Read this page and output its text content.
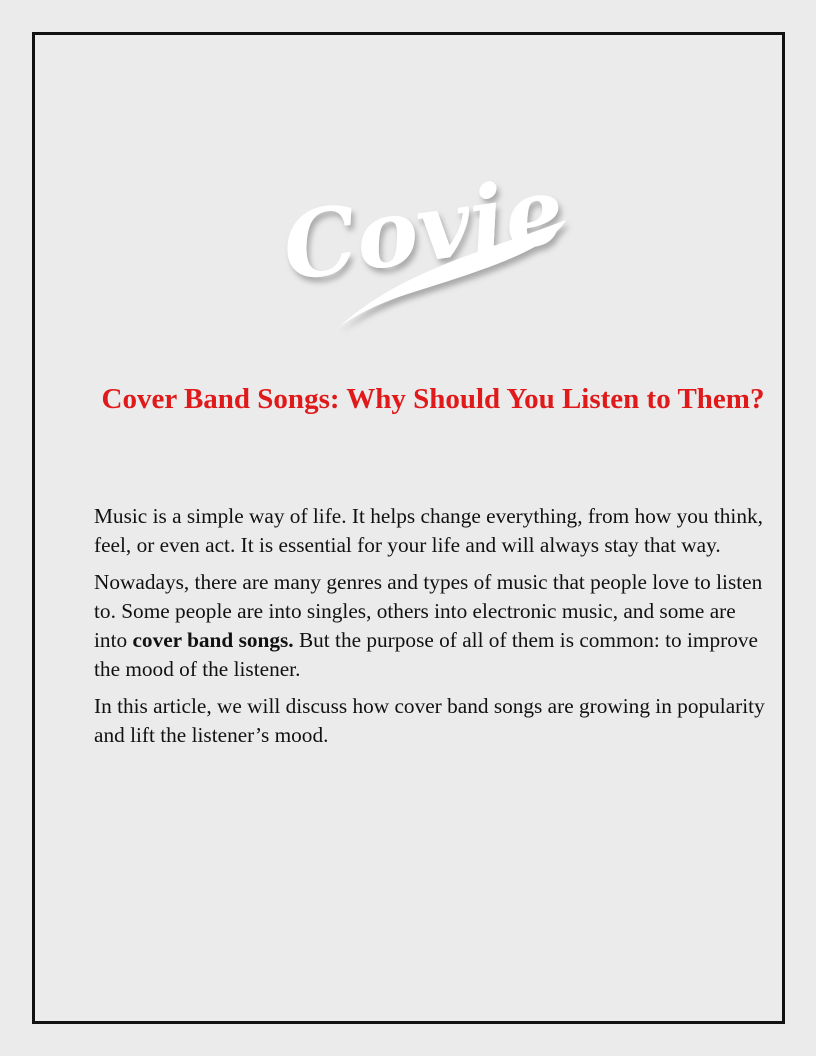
Covie
Cover Band Songs: Why Should You Listen to Them?

Music is a simple way of life. It helps change everything, from how you think, feel, or even act. It is essential for your life and will always stay that way.

Nowadays, there are many genres and types of music that people love to listen to. Some people are into singles, others into electronic music, and some are into cover band songs. But the purpose of all of them is common: to improve the mood of the listener.

In this article, we will discuss how cover band songs are growing in popularity and lift the listener’s mood.
